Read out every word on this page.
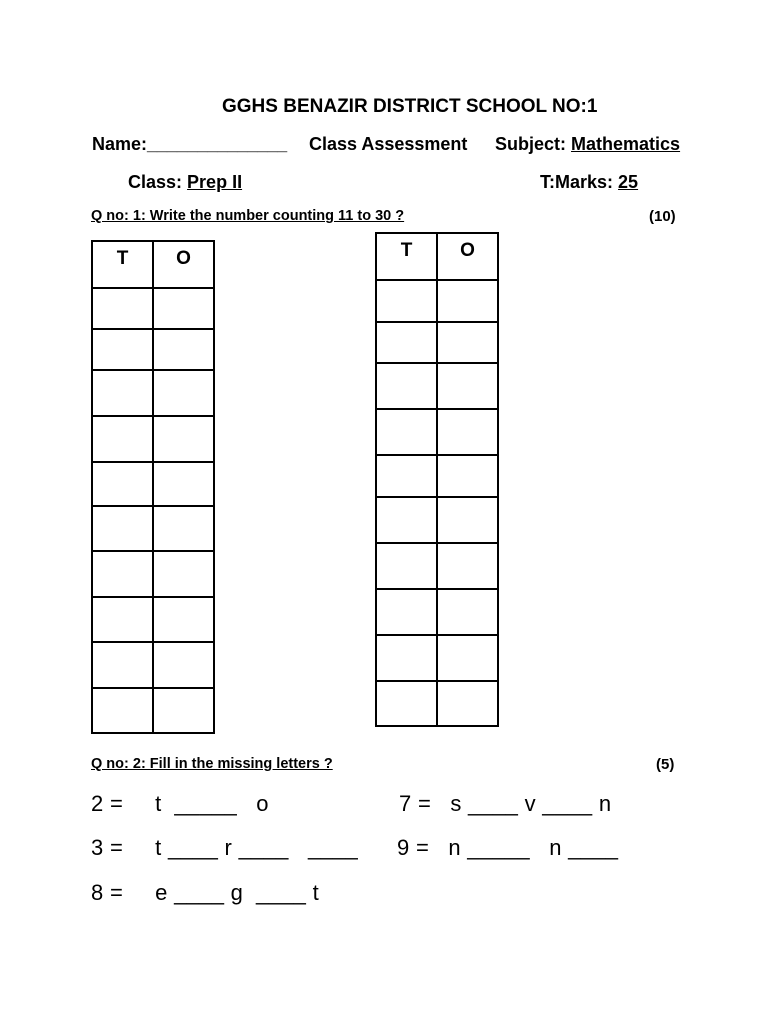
GGHS BENAZIR DISTRICT SCHOOL NO:1
Name:______________ Class Assessment Subject: Mathematics
Class: Prep II	T:Marks: 25
Q no: 1: Write the number counting 11 to 30 ?	(10)
T	O

		T	O

Q no: 2: Fill in the missing letters ?	(5)
2 =     t  _____   o	7 =   s ____ v ____ n
3 =     t ____ r ____   ____ 9 =   n _____   n ____
8 =     e ____ g  ____ t
